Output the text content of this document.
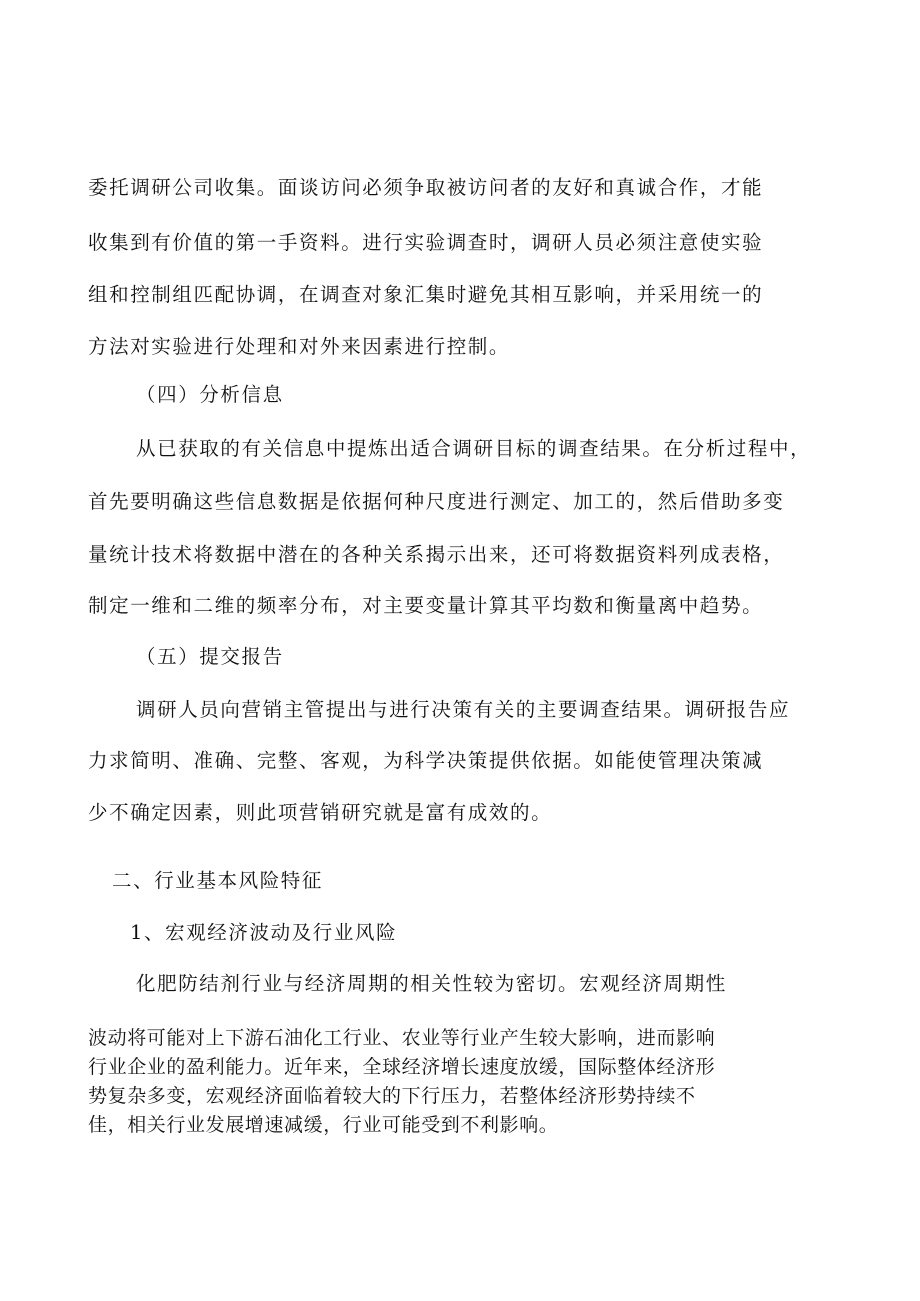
委托调研公司收集。面谈访问必须争取被访问者的友好和真诚合作，才能

收集到有价值的第一手资料。进行实验调查时，调研人员必须注意使实验

组和控制组匹配协调，在调查对象汇集时避免其相互影响，并采用统一的

方法对实验进行处理和对外来因素进行控制。

（四）分析信息

从已获取的有关信息中提炼出适合调研目标的调查结果。在分析过程中，

首先要明确这些信息数据是依据何种尺度进行测定、加工的，然后借助多变

量统计技术将数据中潜在的各种关系揭示出来，还可将数据资料列成表格，

制定一维和二维的频率分布，对主要变量计算其平均数和衡量离中趋势。

（五）提交报告

调研人员向营销主管提出与进行决策有关的主要调查结果。调研报告应

力求简明、准确、完整、客观，为科学决策提供依据。如能使管理决策减

少不确定因素，则此项营销研究就是富有成效的。

二、行业基本风险特征

1、宏观经济波动及行业风险

化肥防结剂行业与经济周期的相关性较为密切。宏观经济周期性

波动将可能对上下游石油化工行业、农业等行业产生较大影响，进而影响

行业企业的盈利能力。近年来，全球经济增长速度放缓，国际整体经济形

势复杂多变，宏观经济面临着较大的下行压力，若整体经济形势持续不

佳，相关行业发展增速减缓，行业可能受到不利影响。
